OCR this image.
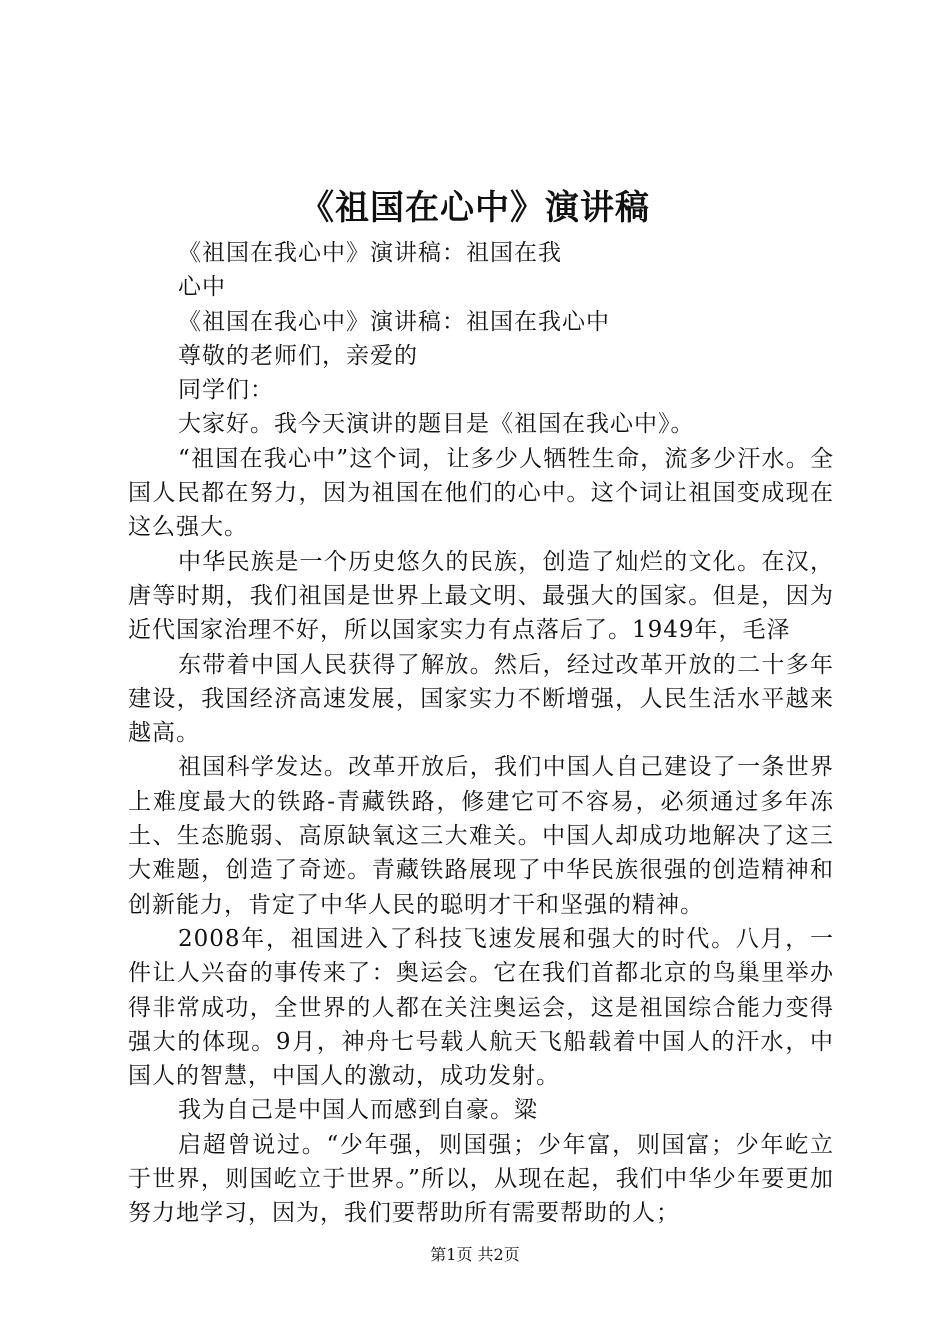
《祖国在心中》演讲稿

《祖国在我心中》演讲稿：祖国在我

心中

《祖国在我心中》演讲稿：祖国在我心中

尊敬的老师们，亲爱的

同学们：

大家好。我今天演讲的题目是《祖国在我心中》。

“祖国在我心中”这个词，让多少人牺牲生命，流多少汗水。全国人民都在努力，因为祖国在他们的心中。这个词让祖国变成现在这么强大。

中华民族是一个历史悠久的民族，创造了灿烂的文化。在汉，唐等时期，我们祖国是世界上最文明、最强大的国家。但是，因为近代国家治理不好，所以国家实力有点落后了。1949年，毛泽

东带着中国人民获得了解放。然后，经过改革开放的二十多年建设，我国经济高速发展，国家实力不断增强，人民生活水平越来越高。

祖国科学发达。改革开放后，我们中国人自己建设了一条世界上难度最大的铁路-青藏铁路，修建它可不容易，必须通过多年冻土、生态脆弱、高原缺氧这三大难关。中国人却成功地解决了这三大难题，创造了奇迹。青藏铁路展现了中华民族很强的创造精神和创新能力，肯定了中华人民的聪明才干和坚强的精神。

2008年，祖国进入了科技飞速发展和强大的时代。八月，一件让人兴奋的事传来了：奥运会。它在我们首都北京的鸟巢里举办得非常成功，全世界的人都在关注奥运会，这是祖国综合能力变得强大的体现。9月，神舟七号载人航天飞船载着中国人的汗水，中国人的智慧，中国人的激动，成功发射。

我为自己是中国人而感到自豪。粱

启超曾说过。“少年强，则国强；少年富，则国富；少年屹立于世界，则国屹立于世界。”所以，从现在起，我们中华少年要更加努力地学习，因为，我们要帮助所有需要帮助的人；

第1页 共2页
